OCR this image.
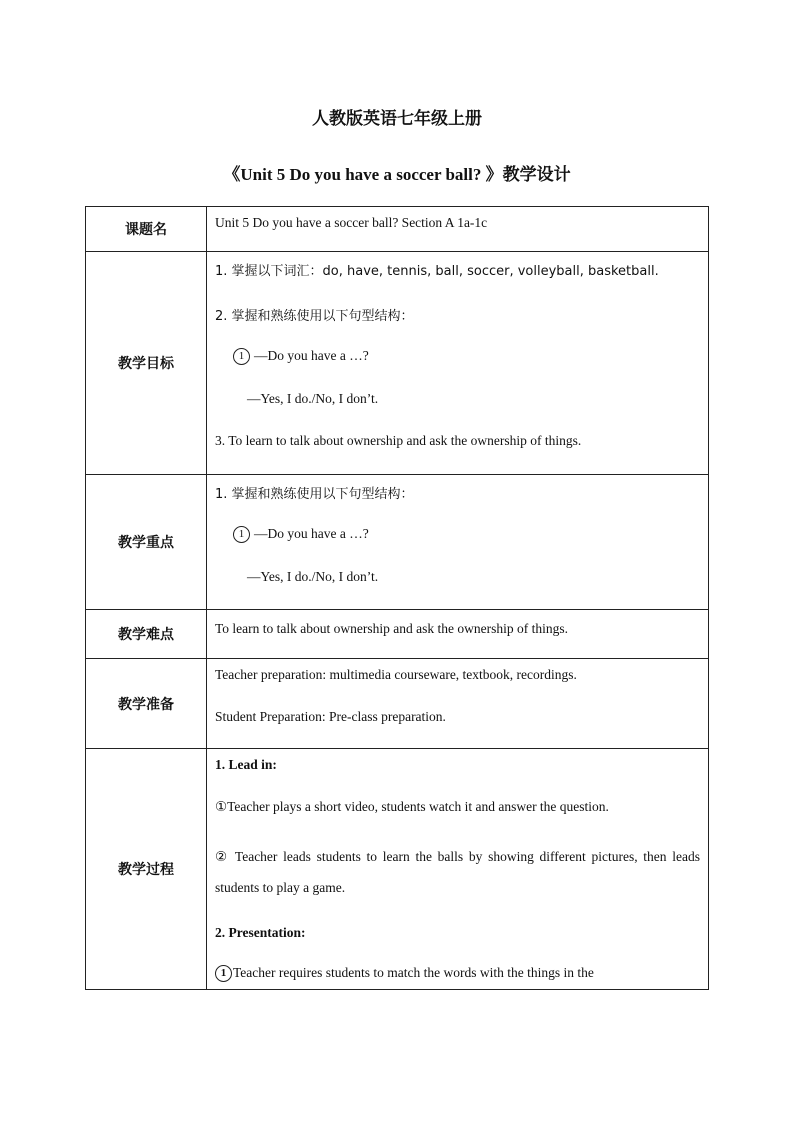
人教版英语七年级上册
《Unit 5 Do you have a soccer ball? 》教学设计
课题名	Unit 5 Do you have a soccer ball? Section A 1a-1c

教学目标	1. 掌握以下词汇：do, have, tennis, ball, soccer, volleyball, basketball.
2. 掌握和熟练使用以下句型结构：
1 —Do you have a …?
—Yes, I do./No, I don’t.
3. To learn to talk about ownership and ask the ownership of things.

教学重点	1. 掌握和熟练使用以下句型结构：
1 —Do you have a …?
—Yes, I do./No, I don’t.

教学难点	To learn to talk about ownership and ask the ownership of things.

教学准备	Teacher preparation: multimedia courseware, textbook, recordings.
Student Preparation: Pre-class preparation.

教学过程	1. Lead in:
①Teacher plays a short video, students watch it and answer the question.
② Teacher leads students to learn the balls by showing different pictures, then leads students to play a game.
2. Presentation:
1 Teacher requires students to match the words with the things in the
